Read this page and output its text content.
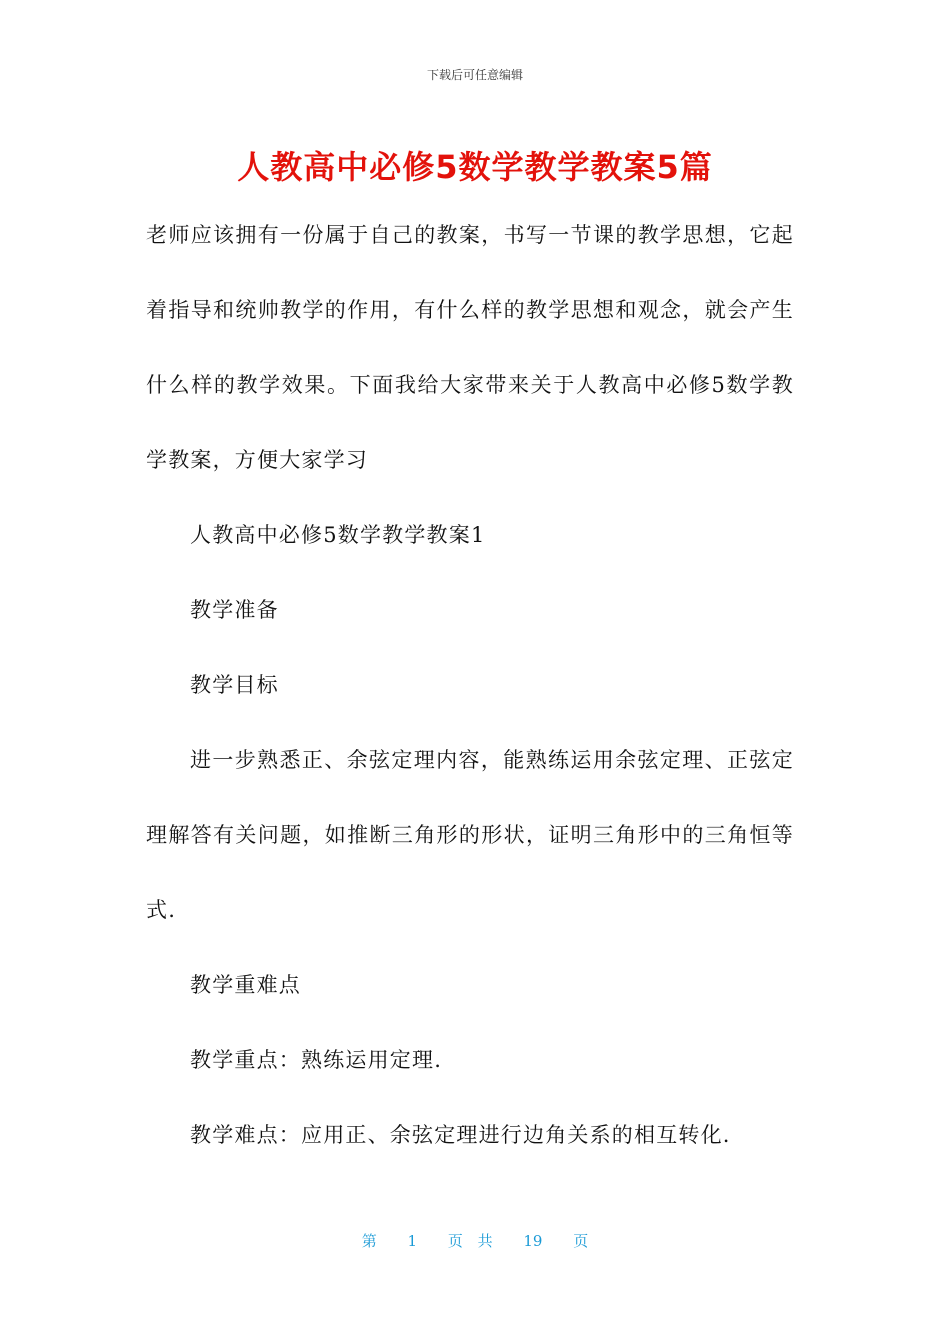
下载后可任意编辑
人教高中必修5数学教学教案5篇

老师应该拥有一份属于自己的教案，书写一节课的教学思想，它起着指导和统帅教学的作用，有什么样的教学思想和观念，就会产生什么样的教学效果。下面我给大家带来关于人教高中必修5数学教学教案，方便大家学习

人教高中必修5数学教学教案1

教学准备

教学目标

进一步熟悉正、余弦定理内容，能熟练运用余弦定理、正弦定理解答有关问题，如推断三角形的形状，证明三角形中的三角恒等式.

教学重难点

教学重点：熟练运用定理.

教学难点：应用正、余弦定理进行边角关系的相互转化.

第 1 页 共 19 页
